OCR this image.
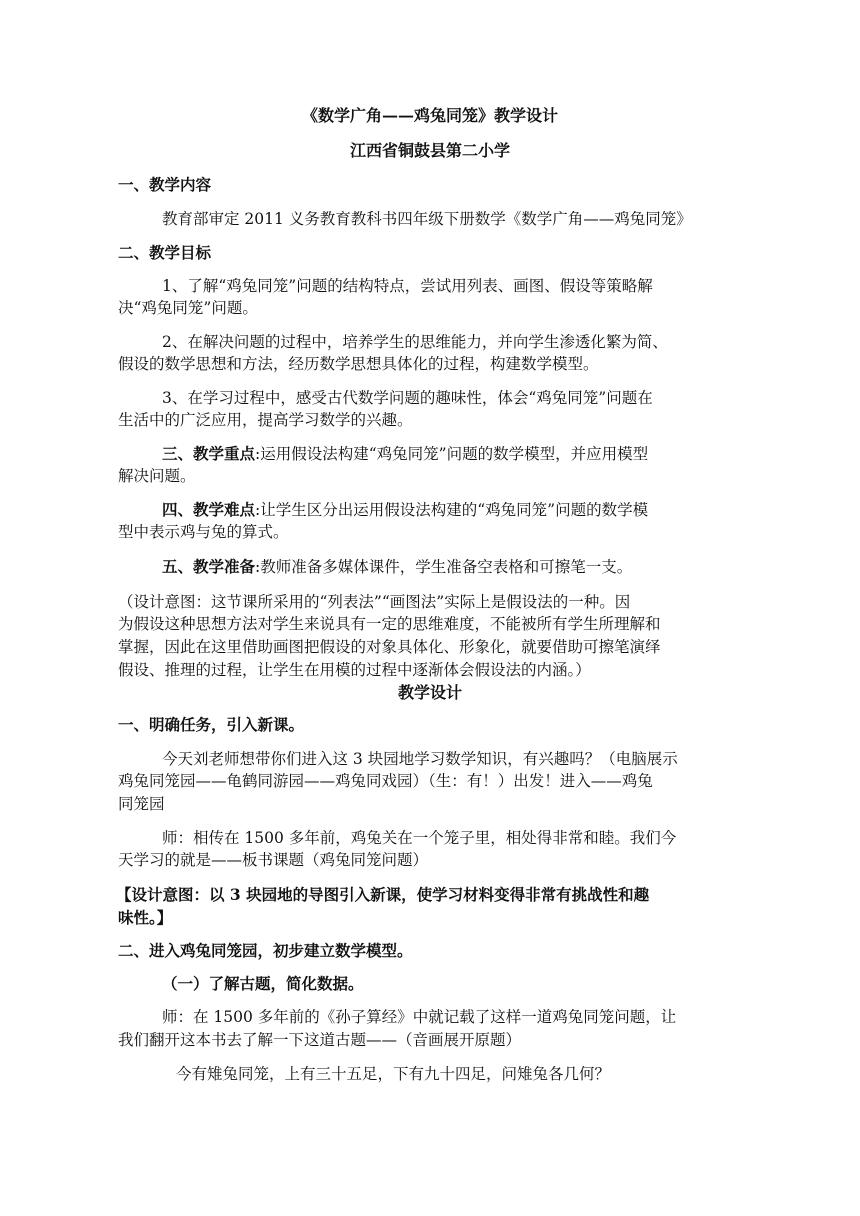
《数学广角——鸡兔同笼》教学设计
江西省铜鼓县第二小学
一、教学内容
教育部审定 2011 义务教育教科书四年级下册数学《数学广角——鸡兔同笼》
二、教学目标
1、了解“鸡兔同笼”问题的结构特点，尝试用列表、画图、假设等策略解
决“鸡兔同笼”问题。
2、在解决问题的过程中，培养学生的思维能力，并向学生渗透化繁为简、
假设的数学思想和方法，经历数学思想具体化的过程，构建数学模型。
3、在学习过程中，感受古代数学问题的趣味性，体会“鸡兔同笼”问题在
生活中的广泛应用，提高学习数学的兴趣。
三、教学重点:运用假设法构建“鸡兔同笼”问题的数学模型，并应用模型
解决问题。
四、教学难点:让学生区分出运用假设法构建的“鸡兔同笼”问题的数学模
型中表示鸡与兔的算式。
五、教学准备:教师准备多媒体课件，学生准备空表格和可擦笔一支。
（设计意图：这节课所采用的“列表法”“画图法”实际上是假设法的一种。因
为假设这种思想方法对学生来说具有一定的思维难度，不能被所有学生所理解和
掌握，因此在这里借助画图把假设的对象具体化、形象化，就要借助可擦笔演绎
假设、推理的过程，让学生在用模的过程中逐渐体会假设法的内涵。）
教学设计
一、明确任务，引入新课。
今天刘老师想带你们进入这 3 块园地学习数学知识，有兴趣吗？（电脑展示
鸡兔同笼园——龟鹤同游园——鸡兔同戏园）（生：有！）出发！进入——鸡兔
同笼园
师：相传在 1500 多年前，鸡兔关在一个笼子里，相处得非常和睦。我们今
天学习的就是——板书课题（鸡兔同笼问题）
【设计意图：以 3 块园地的导图引入新课，使学习材料变得非常有挑战性和趣
味性。】
二、进入鸡兔同笼园，初步建立数学模型。
（一）了解古题，简化数据。
师：在 1500 多年前的《孙子算经》中就记载了这样一道鸡兔同笼问题，让
我们翻开这本书去了解一下这道古题——（音画展开原题）
今有雉兔同笼，上有三十五足，下有九十四足，问雉兔各几何？
